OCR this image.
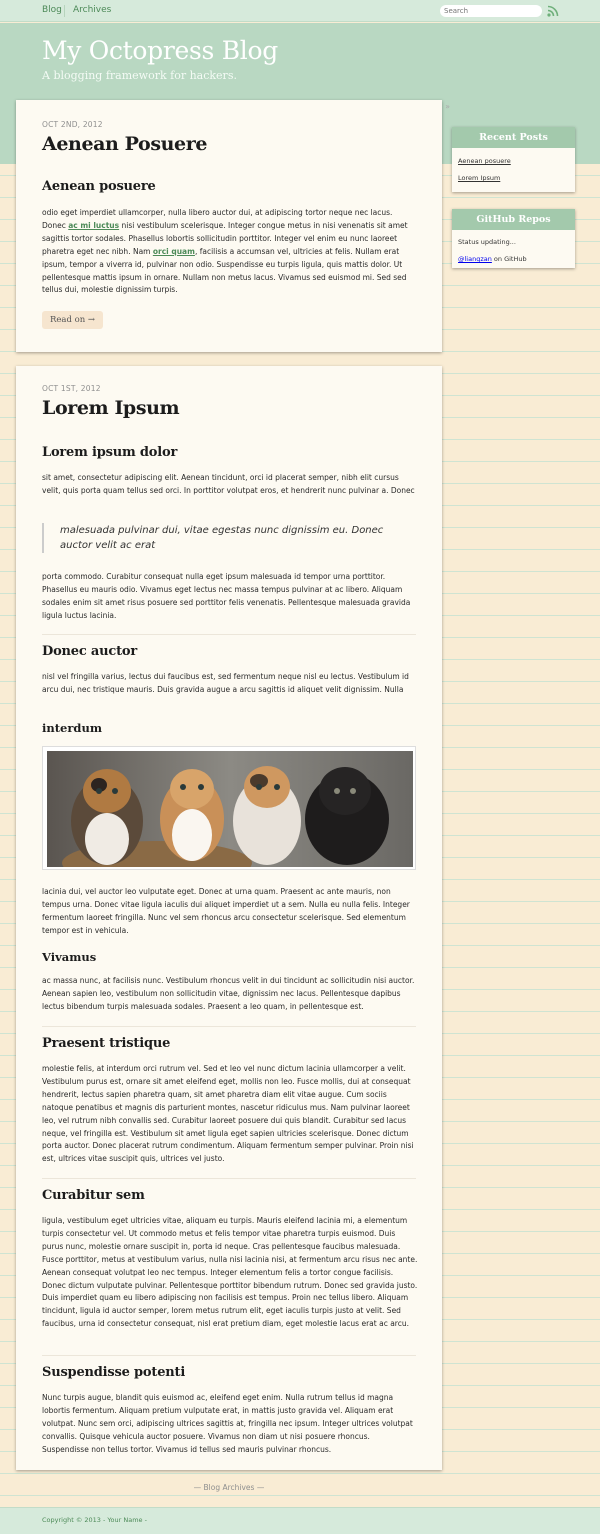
Blog Archives
Search
My Octopress Blog
A blogging framework for hackers.
»
OCT 2ND, 2012
Aenean Posuere
Aenean posuere
odio eget imperdiet ullamcorper, nulla libero auctor dui, at adipiscing tortor neque nec lacus. Donec ac mi luctus nisi vestibulum scelerisque. Integer congue metus in nisi venenatis sit amet sagittis tortor sodales. Phasellus lobortis sollicitudin porttitor. Integer vel enim eu nunc laoreet pharetra eget nec nibh. Nam orci quam, facilisis a accumsan vel, ultricies at felis. Nullam erat ipsum, tempor a viverra id, pulvinar non odio. Suspendisse eu turpis ligula, quis mattis dolor. Ut pellentesque mattis ipsum in ornare. Nullam non metus lacus. Vivamus sed euismod mi. Sed sed tellus dui, molestie dignissim turpis.
Read on →
OCT 1ST, 2012
Lorem Ipsum
Lorem ipsum dolor
sit amet, consectetur adipiscing elit. Aenean tincidunt, orci id placerat semper, nibh elit cursus velit, quis porta quam tellus sed orci. In porttitor volutpat eros, et hendrerit nunc pulvinar a. Donec
malesuada pulvinar dui, vitae egestas nunc dignissim eu. Donec auctor velit ac erat
porta commodo. Curabitur consequat nulla eget ipsum malesuada id tempor urna porttitor. Phasellus eu mauris odio. Vivamus eget lectus nec massa tempus pulvinar at ac libero. Aliquam sodales enim sit amet risus posuere sed porttitor felis venenatis. Pellentesque malesuada gravida ligula luctus lacinia.
Donec auctor
nisl vel fringilla varius, lectus dui faucibus est, sed fermentum neque nisl eu lectus. Vestibulum id arcu dui, nec tristique mauris. Duis gravida augue a arcu sagittis id aliquet velit dignissim. Nulla
interdum
lacinia dui, vel auctor leo vulputate eget. Donec at urna quam. Praesent ac ante mauris, non tempus urna. Donec vitae ligula iaculis dui aliquet imperdiet ut a sem. Nulla eu nulla felis. Integer fermentum laoreet fringilla. Nunc vel sem rhoncus arcu consectetur scelerisque. Sed elementum tempor est in vehicula.
Vivamus
ac massa nunc, at facilisis nunc. Vestibulum rhoncus velit in dui tincidunt ac sollicitudin nisi auctor. Aenean sapien leo, vestibulum non sollicitudin vitae, dignissim nec lacus. Pellentesque dapibus lectus bibendum turpis malesuada sodales. Praesent a leo quam, in pellentesque est.
Praesent tristique
molestie felis, at interdum orci rutrum vel. Sed et leo vel nunc dictum lacinia ullamcorper a velit. Vestibulum purus est, ornare sit amet eleifend eget, mollis non leo. Fusce mollis, dui at consequat hendrerit, lectus sapien pharetra quam, sit amet pharetra diam elit vitae augue. Cum sociis natoque penatibus et magnis dis parturient montes, nascetur ridiculus mus. Nam pulvinar laoreet leo, vel rutrum nibh convallis sed. Curabitur laoreet posuere dui quis blandit. Curabitur sed lacus neque, vel fringilla est. Vestibulum sit amet ligula eget sapien ultricies scelerisque. Donec dictum porta auctor. Donec placerat rutrum condimentum. Aliquam fermentum semper pulvinar. Proin nisi est, ultrices vitae suscipit quis, ultrices vel justo.
Curabitur sem
ligula, vestibulum eget ultricies vitae, aliquam eu turpis. Mauris eleifend lacinia mi, a elementum turpis consectetur vel. Ut commodo metus et felis tempor vitae pharetra turpis euismod. Duis purus nunc, molestie ornare suscipit in, porta id neque. Cras pellentesque faucibus malesuada. Fusce porttitor, metus at vestibulum varius, nulla nisi lacinia nisi, at fermentum arcu risus nec ante. Aenean consequat volutpat leo nec tempus. Integer elementum felis a tortor congue facilisis. Donec dictum vulputate pulvinar. Pellentesque porttitor bibendum rutrum. Donec sed gravida justo. Duis imperdiet quam eu libero adipiscing non facilisis est tempus. Proin nec tellus libero. Aliquam tincidunt, ligula id auctor semper, lorem metus rutrum elit, eget iaculis turpis justo at velit. Sed faucibus, urna id consectetur consequat, nisl erat pretium diam, eget molestie lacus erat ac arcu.
Suspendisse potenti
Nunc turpis augue, blandit quis euismod ac, eleifend eget enim. Nulla rutrum tellus id magna lobortis fermentum. Aliquam pretium vulputate erat, in mattis justo gravida vel. Aliquam erat volutpat. Nunc sem orci, adipiscing ultrices sagittis at, fringilla nec ipsum. Integer ultrices volutpat convallis. Quisque vehicula auctor posuere. Vivamus non diam ut nisi posuere rhoncus. Suspendisse non tellus tortor. Vivamus id tellus sed mauris pulvinar rhoncus.
Recent Posts
Aenean posuere
Lorem Ipsum
GitHub Repos
Status updating...
@liangzan on GitHub
— Blog Archives —
Copyright © 2013 - Your Name -
